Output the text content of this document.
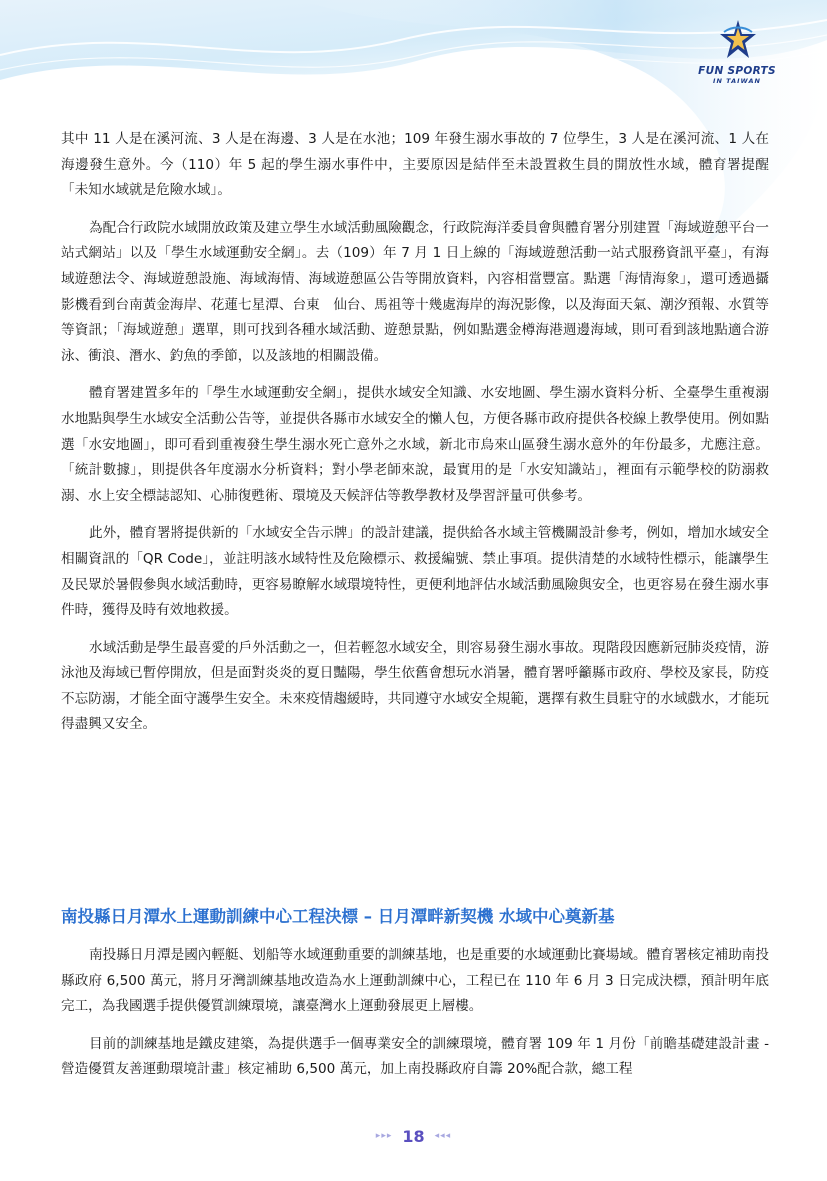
FUN SPORTS
IN TAIWAN

其中 11 人是在溪河流、3 人是在海邊、3 人是在水池；109 年發生溺水事故的 7 位學生，3 人是在溪河流、1 人在海邊發生意外。今（110）年 5 起的學生溺水事件中，主要原因是結伴至未設置救生員的開放性水域，體育署提醒「未知水域就是危險水域」。

為配合行政院水域開放政策及建立學生水域活動風險觀念，行政院海洋委員會與體育署分別建置「海域遊憩平台一站式網站」以及「學生水域運動安全網」。去（109）年 7 月 1 日上線的「海域遊憩活動一站式服務資訊平臺」，有海域遊憩法令、海域遊憩設施、海域海情、海域遊憩區公告等開放資料，內容相當豐富。點選「海情海象」，還可透過攝影機看到台南黃金海岸、花蓮七星潭、台東　仙台、馬祖等十幾處海岸的海況影像，以及海面天氣、潮汐預報、水質等等資訊；「海域遊憩」選單，則可找到各種水域活動、遊憩景點，例如點選金樽海港週邊海域，則可看到該地點適合游泳、衝浪、潛水、釣魚的季節，以及該地的相關設備。

體育署建置多年的「學生水域運動安全網」，提供水域安全知識、水安地圖、學生溺水資料分析、全臺學生重複溺水地點與學生水域安全活動公告等，並提供各縣市水域安全的懶人包，方便各縣市政府提供各校線上教學使用。例如點選「水安地圖」，即可看到重複發生學生溺水死亡意外之水域，新北市烏來山區發生溺水意外的年份最多，尤應注意。「統計數據」，則提供各年度溺水分析資料；對小學老師來說，最實用的是「水安知識站」，裡面有示範學校的防溺救溺、水上安全標誌認知、心肺復甦術、環境及天候評估等教學教材及學習評量可供參考。

此外，體育署將提供新的「水域安全告示牌」的設計建議，提供給各水域主管機關設計參考，例如，增加水域安全相關資訊的「QR Code」，並註明該水域特性及危險標示、救援編號、禁止事項。提供清楚的水域特性標示，能讓學生及民眾於暑假參與水域活動時，更容易瞭解水域環境特性，更便利地評估水域活動風險與安全，也更容易在發生溺水事件時，獲得及時有效地救援。

水域活動是學生最喜愛的戶外活動之一，但若輕忽水域安全，則容易發生溺水事故。現階段因應新冠肺炎疫情，游泳池及海域已暫停開放，但是面對炎炎的夏日豔陽，學生依舊會想玩水消暑，體育署呼籲縣市政府、學校及家長，防疫不忘防溺，才能全面守護學生安全。未來疫情趨緩時，共同遵守水域安全規範，選擇有救生員駐守的水域戲水，才能玩得盡興又安全。

南投縣日月潭水上運動訓練中心工程決標 – 日月潭畔新契機 水域中心奠新基

南投縣日月潭是國內輕艇、划船等水域運動重要的訓練基地，也是重要的水域運動比賽場域。體育署核定補助南投縣政府 6,500 萬元，將月牙灣訓練基地改造為水上運動訓練中心，工程已在 110 年 6 月 3 日完成決標，預計明年底完工，為我國選手提供優質訓練環境，讓臺灣水上運動發展更上層樓。

目前的訓練基地是鐵皮建築，為提供選手一個專業安全的訓練環境，體育署 109 年 1 月份「前瞻基礎建設計畫 - 營造優質友善運動環境計畫」核定補助 6,500 萬元，加上南投縣政府自籌 20%配合款，總工程

▸▸▸ 18 ◂◂◂
